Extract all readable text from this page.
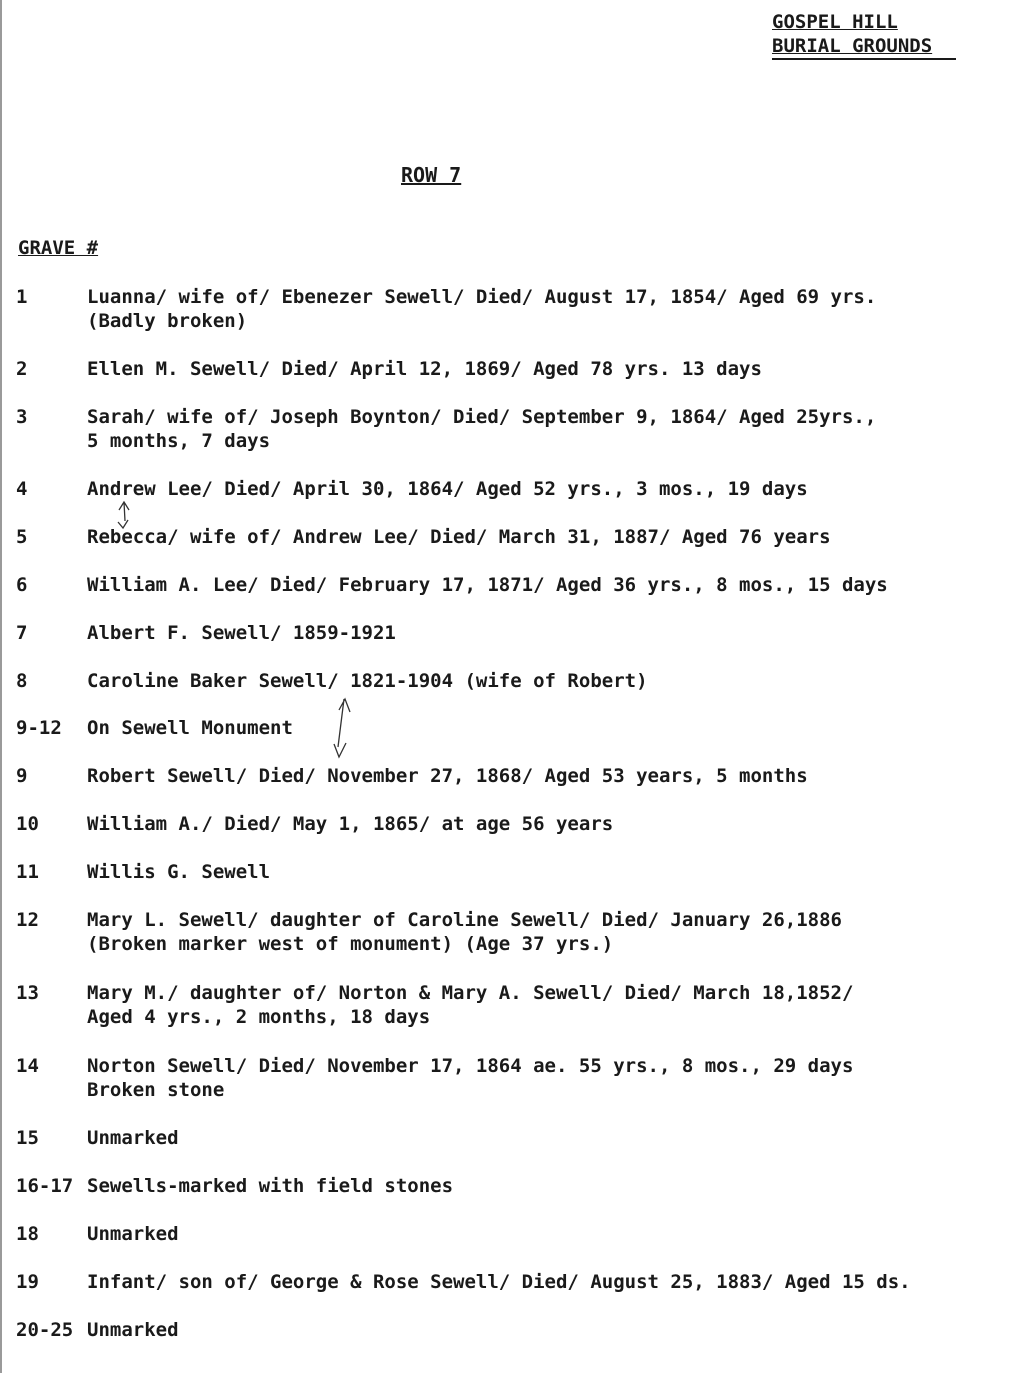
GOSPEL HILL
BURIAL GROUNDS
ROW 7
GRAVE #
1	Luanna/ wife of/ Ebenezer Sewell/ Died/ August 17, 1854/ Aged 69 yrs.
(Badly broken)
2	Ellen M. Sewell/ Died/ April 12, 1869/ Aged 78 yrs. 13 days
3	Sarah/ wife of/ Joseph Boynton/ Died/ September 9, 1864/ Aged 25yrs.,
5 months, 7 days
4	Andrew Lee/ Died/ April 30, 1864/ Aged 52 yrs., 3 mos., 19 days
5	Rebecca/ wife of/ Andrew Lee/ Died/ March 31, 1887/ Aged 76 years
6	William A. Lee/ Died/ February 17, 1871/ Aged 36 yrs., 8 mos., 15 days
7	Albert F. Sewell/ 1859-1921
8	Caroline Baker Sewell/ 1821-1904 (wife of Robert)
9-12	On Sewell Monument
9	Robert Sewell/ Died/ November 27, 1868/ Aged 53 years, 5 months
10	William A./ Died/ May 1, 1865/ at age 56 years
11	Willis G. Sewell
12	Mary L. Sewell/ daughter of Caroline Sewell/ Died/ January 26,1886
(Broken marker west of monument) (Age 37 yrs.)
13	Mary M./ daughter of/ Norton & Mary A. Sewell/ Died/ March 18,1852/
Aged 4 yrs., 2 months, 18 days
14	Norton Sewell/ Died/ November 17, 1864 ae. 55 yrs., 8 mos., 29 days
Broken stone
15	Unmarked
16-17 Sewells-marked with field stones
18	Unmarked
19	Infant/ son of/ George & Rose Sewell/ Died/ August 25, 1883/ Aged 15 ds.
20-25 Unmarked
